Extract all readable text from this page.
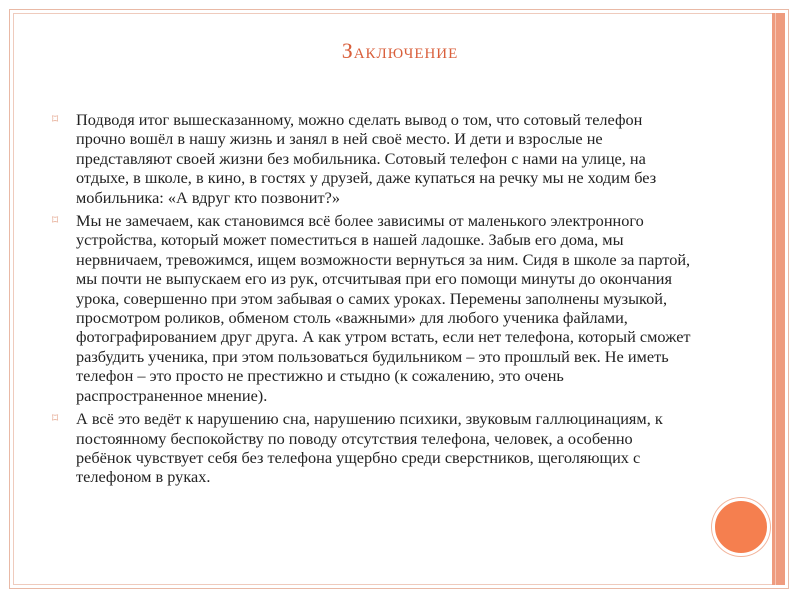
Заключение
⌑	Подводя итог вышесказанному, можно сделать вывод о том, что сотовый телефон прочно вошёл в нашу жизнь и занял в ней своё место. И дети и взрослые не представляют своей жизни без мобильника. Сотовый телефон с нами на улице, на отдыхе, в школе, в кино, в гостях у друзей, даже купаться на речку мы не ходим без мобильника: «А вдруг кто позвонит?»
⌑	Мы не замечаем, как становимся всё более зависимы от маленького электронного устройства, который может поместиться в нашей ладошке. Забыв его дома, мы нервничаем, тревожимся, ищем возможности вернуться за ним. Сидя в школе за партой, мы почти не выпускаем его из рук, отсчитывая при его помощи минуты до окончания урока, совершенно при этом забывая о самих уроках. Перемены заполнены музыкой, просмотром роликов, обменом столь «важными» для любого ученика файлами, фотографированием друг друга. А как утром встать, если нет телефона, который сможет разбудить ученика, при этом пользоваться будильником – это прошлый век. Не иметь телефон – это просто не престижно и стыдно (к сожалению, это очень распространенное мнение).
⌑	А всё это ведёт к нарушению сна, нарушению психики, звуковым галлюцинациям, к постоянному беспокойству по поводу отсутствия телефона, человек, а особенно ребёнок чувствует себя без телефона ущербно среди сверстников, щеголяющих с телефоном в руках.
